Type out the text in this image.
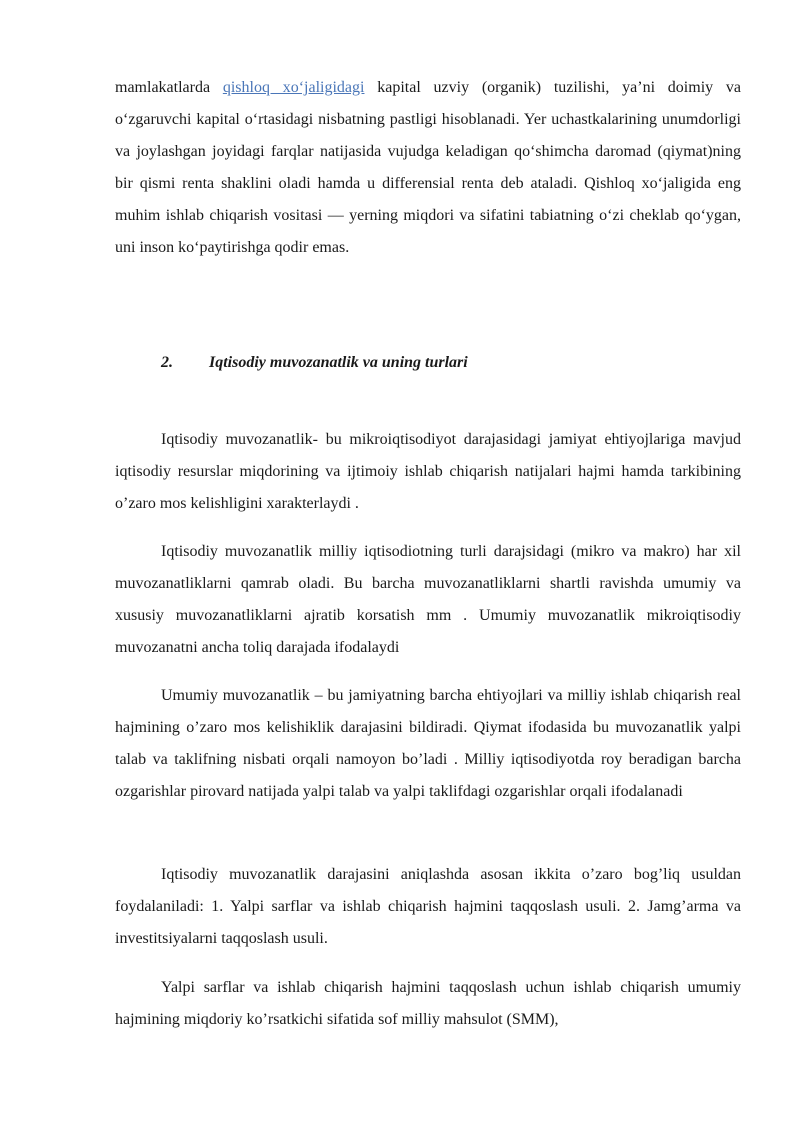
mamlakatlarda qishloq xo‘jaligidagi kapital uzviy (organik) tuzilishi, ya’ni doimiy va o‘zgaruvchi kapital o‘rtasidagi nisbatning pastligi hisoblanadi. Yer uchastkalarining unumdorligi va joylashgan joyidagi farqlar natijasida vujudga keladigan qo‘shimcha daromad (qiymat)ning bir qismi renta shaklini oladi hamda u differensial renta deb ataladi. Qishloq xo‘jaligida eng muhim ishlab chiqarish vositasi — yerning miqdori va sifatini tabiatning o‘zi cheklab qo‘ygan, uni inson ko‘paytirishga qodir emas.

2. Iqtisodiy muvozanatlik va uning turlari

Iqtisodiy muvozanatlik- bu mikroiqtisodiyot darajasidagi jamiyat ehtiyojlariga mavjud iqtisodiy resurslar miqdorining va ijtimoiy ishlab chiqarish natijalari hajmi hamda tarkibining o’zaro mos kelishligini xarakterlaydi .

Iqtisodiy muvozanatlik milliy iqtisodiotning turli darajsidagi (mikro va makro) har xil muvozanatliklarni qamrab oladi. Bu barcha muvozanatliklarni shartli ravishda umumiy va xususiy muvozanatliklarni ajratib korsatish mm . Umumiy muvozanatlik mikroiqtisodiy muvozanatni ancha toliq darajada ifodalaydi

Umumiy muvozanatlik – bu jamiyatning barcha ehtiyojlari va milliy ishlab chiqarish real hajmining o’zaro mos kelishiklik darajasini bildiradi. Qiymat ifodasida bu muvozanatlik yalpi talab va taklifning nisbati orqali namoyon bo’ladi . Milliy iqtisodiyotda roy beradigan barcha ozgarishlar pirovard natijada yalpi talab va yalpi taklifdagi ozgarishlar orqali ifodalanadi

Iqtisodiy muvozanatlik darajasini aniqlashda asosan ikkita o’zaro bog’liq usuldan foydalaniladi: 1. Yalpi sarflar va ishlab chiqarish hajmini taqqoslash usuli. 2. Jamg’arma va investitsiyalarni taqqoslash usuli.

Yalpi sarflar va ishlab chiqarish hajmini taqqoslash uchun ishlab chiqarish umumiy hajmining miqdoriy ko’rsatkichi sifatida sof milliy mahsulot (SMM),
